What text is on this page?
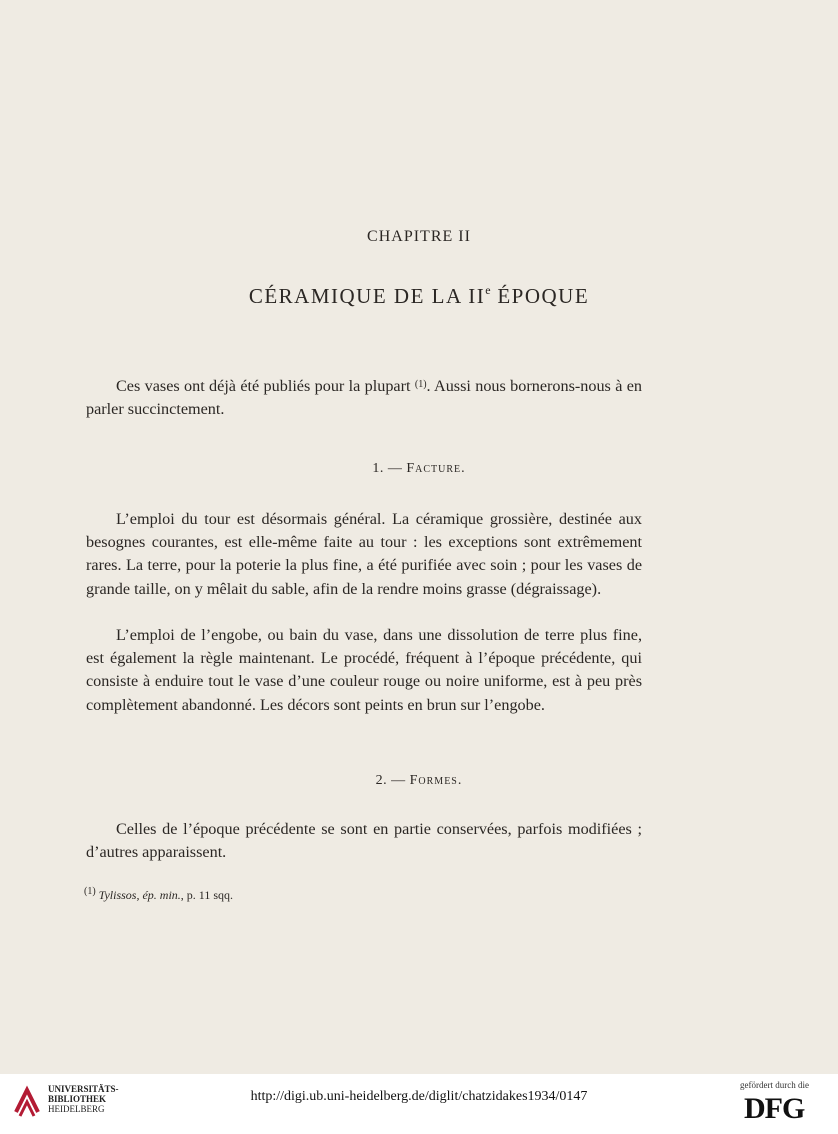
CHAPITRE II
CÉRAMIQUE DE LA IIe ÉPOQUE

Ces vases ont déjà été publiés pour la plupart $^{(1)}$. Aussi nous bornerons-nous à en parler succinctement.

1. — Facture.

L’emploi du tour est désormais général. La céramique grossière, destinée aux besognes courantes, est elle-même faite au tour : les exceptions sont extrêmement rares. La terre, pour la poterie la plus fine, a été purifiée avec soin ; pour les vases de grande taille, on y mêlait du sable, afin de la rendre moins grasse (dégraissage).

L’emploi de l’engobe, ou bain du vase, dans une dissolution de terre plus fine, est également la règle maintenant. Le procédé, fréquent à l’époque précédente, qui consiste à enduire tout le vase d’une couleur rouge ou noire uniforme, est à peu près complètement abandonné. Les décors sont peints en brun sur l’engobe.

2. — Formes.

Celles de l’époque précédente se sont en partie conservées, parfois modifiées ; d’autres apparaissent.

$^{(1)}$ Tylissos, ép. min., p. 11 sqq.
UNIVERSITÄTS-
BIBLIOTHEK
HEIDELBERG
http://digi.ub.uni-heidelberg.de/diglit/chatzidakes1934/0147
gefördert durch die
DFG
